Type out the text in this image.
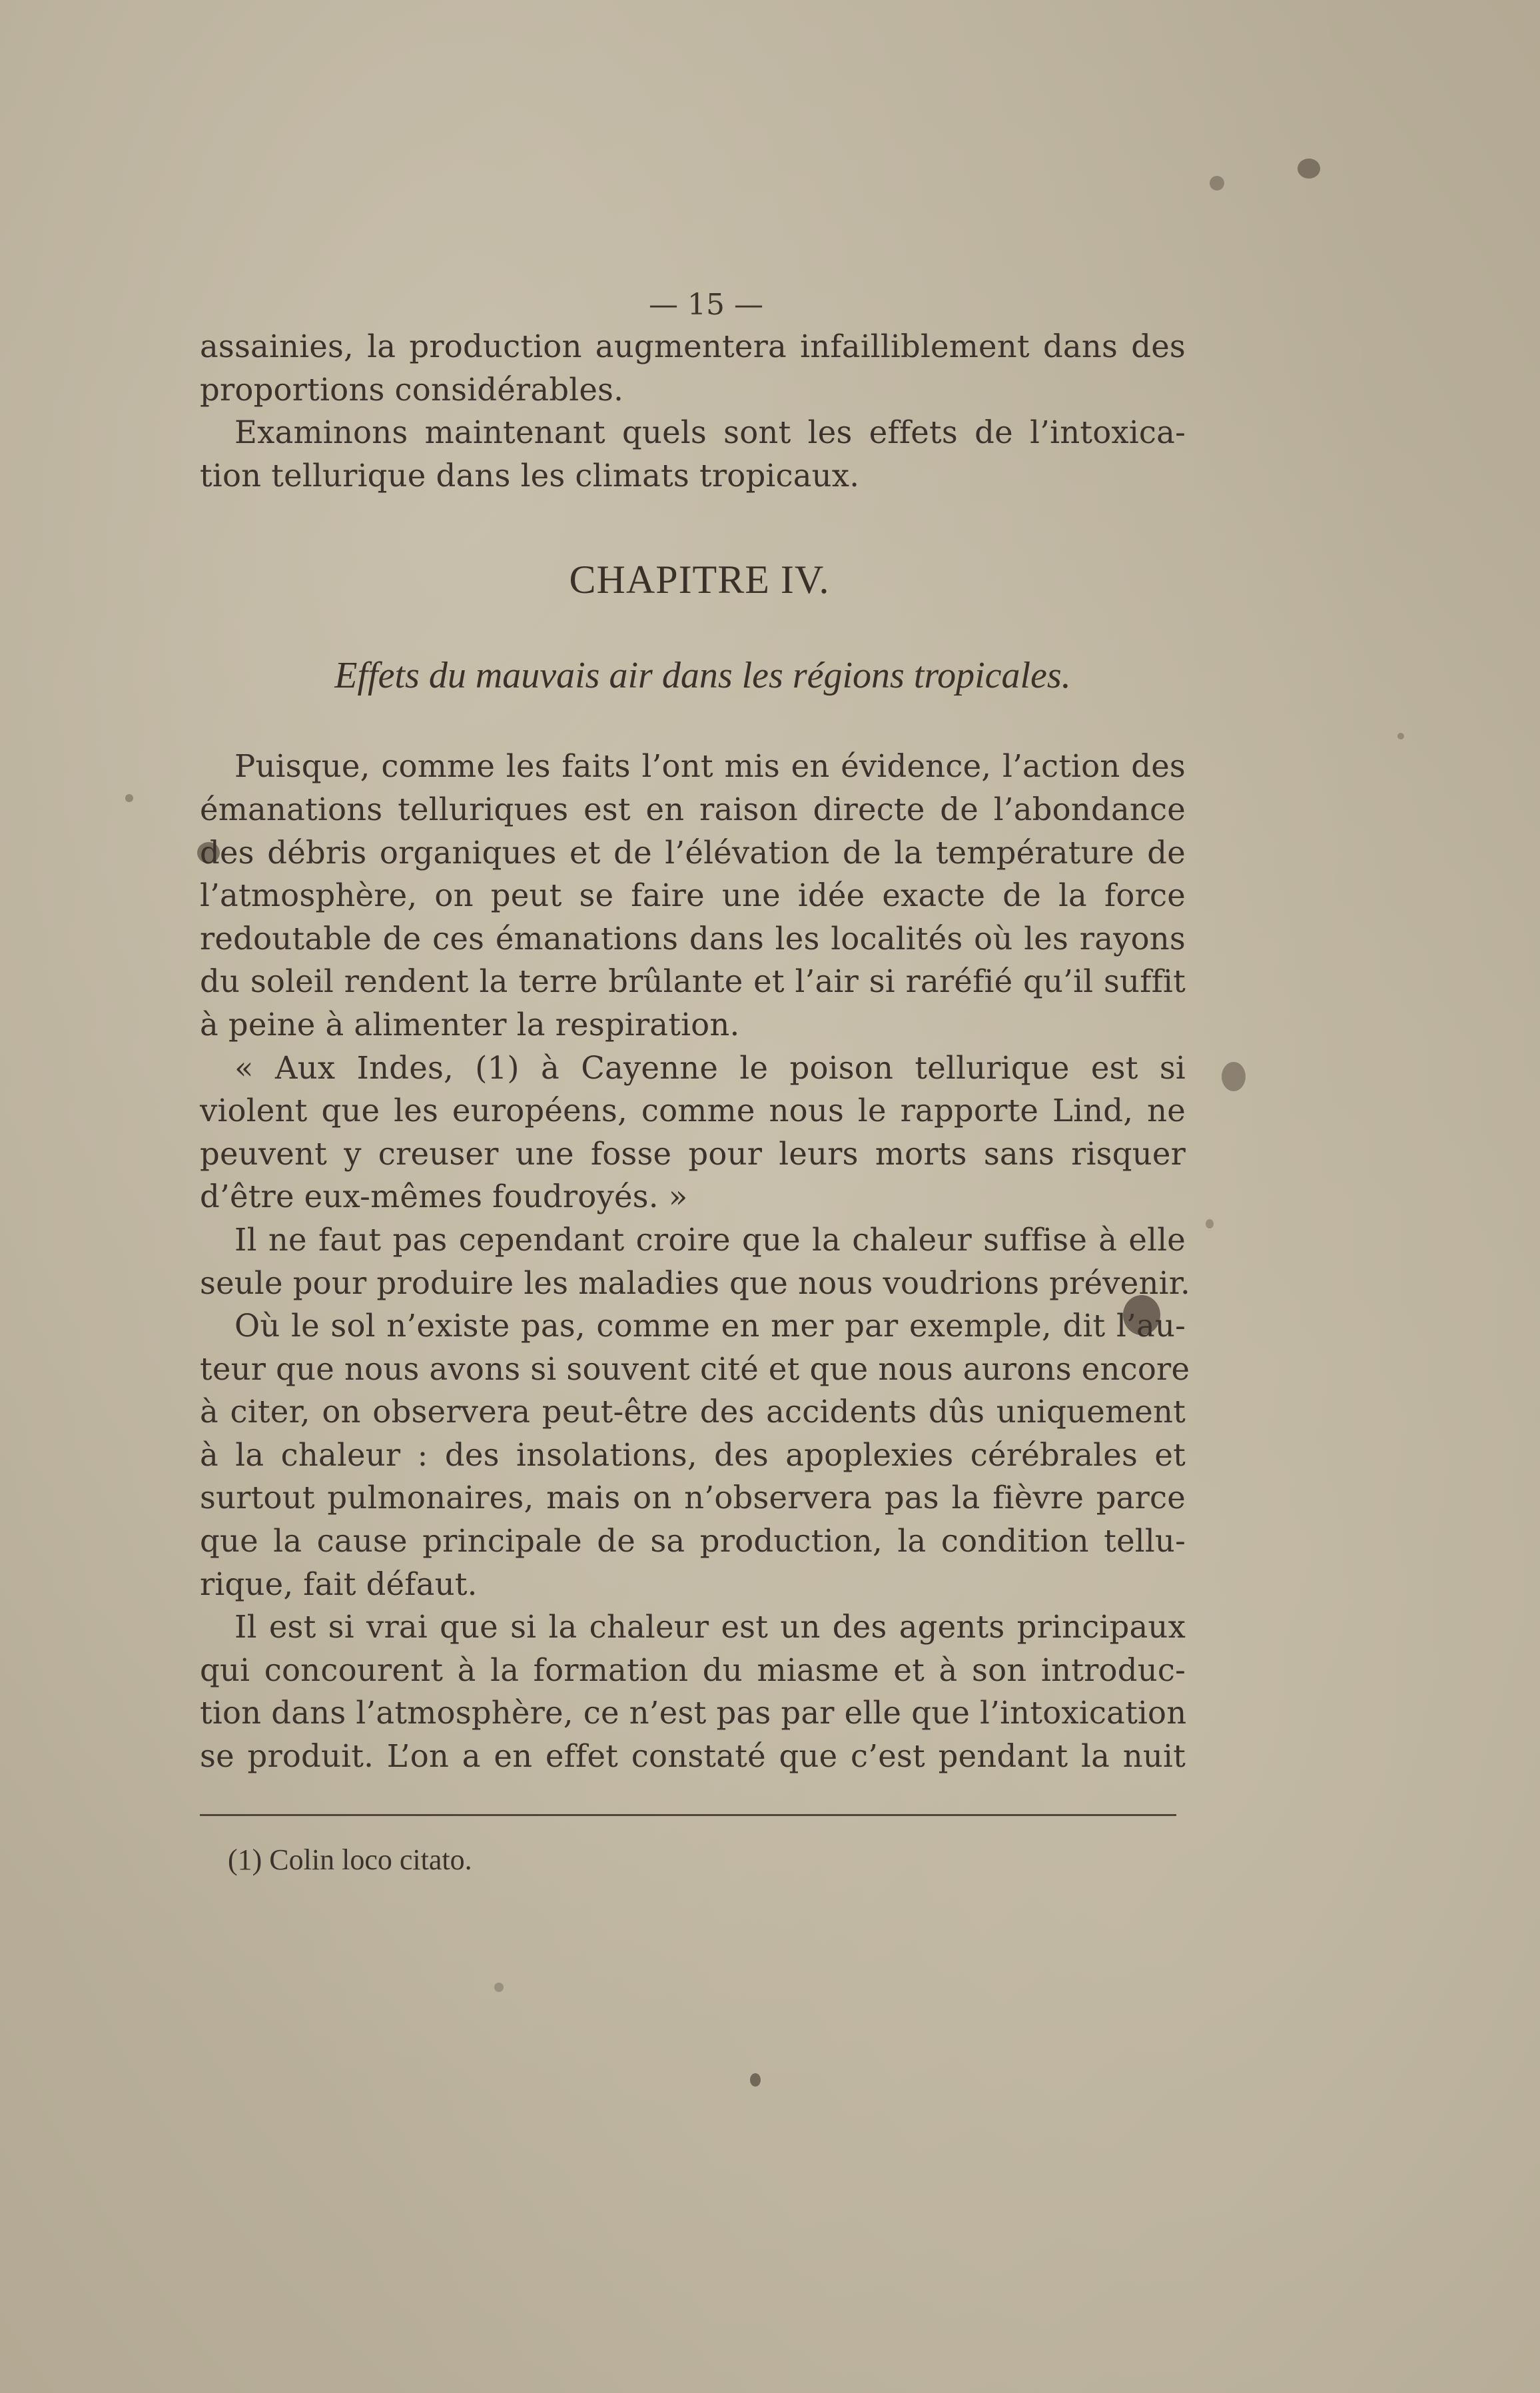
— 15 —
assainies, la production augmentera infailliblement dans des
proportions considérables.
Examinons maintenant quels sont les effets de l’intoxica-
tion tellurique dans les climats tropicaux.
CHAPITRE IV.
Effets du mauvais air dans les régions tropicales.
Puisque, comme les faits l’ont mis en évidence, l’action des
émanations telluriques est en raison directe de l’abondance
des débris organiques et de l’élévation de la température de
l’atmosphère, on peut se faire une idée exacte de la force
redoutable de ces émanations dans les localités où les rayons
du soleil rendent la terre brûlante et l’air si raréfié qu’il suffit
à peine à alimenter la respiration.
« Aux Indes, (1) à Cayenne le poison tellurique est si
violent que les européens, comme nous le rapporte Lind, ne
peuvent y creuser une fosse pour leurs morts sans risquer
d’être eux-mêmes foudroyés. »
Il ne faut pas cependant croire que la chaleur suffise à elle
seule pour produire les maladies que nous voudrions prévenir.
Où le sol n’existe pas, comme en mer par exemple, dit l’au-
teur que nous avons si souvent cité et que nous aurons encore
à citer, on observera peut-être des accidents dûs uniquement
à la chaleur : des insolations, des apoplexies cérébrales et
surtout pulmonaires, mais on n’observera pas la fièvre parce
que la cause principale de sa production, la condition tellu-
rique, fait défaut.
Il est si vrai que si la chaleur est un des agents principaux
qui concourent à la formation du miasme et à son introduc-
tion dans l’atmosphère, ce n’est pas par elle que l’intoxication
se produit. L’on a en effet constaté que c’est pendant la nuit
(1) Colin loco citato.
